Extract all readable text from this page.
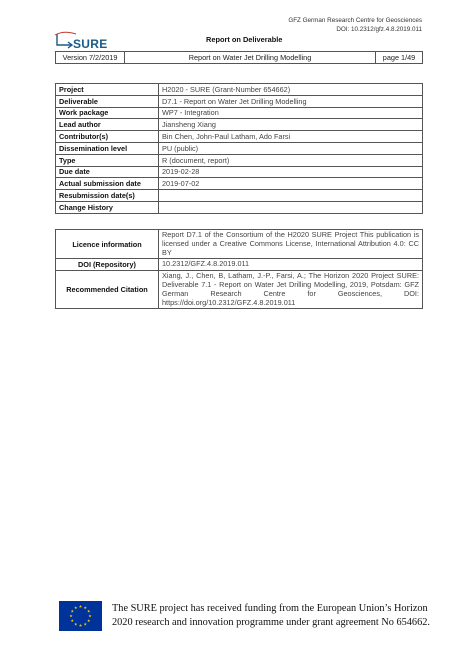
GFZ German Research Centre for Geosciences
DOI: 10.2312/gfz.4.8.2019.011
SURE	Report on Deliverable
Version 7/2/2019	Report on Water Jet Drilling Modelling	page 1/49
Project	H2020 - SURE (Grant-Number 654662)
Deliverable	D7.1 - Report on Water Jet Drilling Modelling
Work package	WP7 - Integration
Lead author	Jiansheng Xiang
Contributor(s)	Bin Chen, John-Paul Latham, Ado Farsi
Dissemination level	PU (public)
Type	R (document, report)
Due date	2019-02-28
Actual submission date	2019-07-02
Resubmission date(s)	
Change History	
Licence information	Report D7.1 of the Consortium of the H2020 SURE Project This publication is licensed under a Creative Commons License, International Attribution 4.0: CC BY
DOI (Repository)	10.2312/GFZ.4.8.2019.011
Recommended Citation	Xiang, J., Chen, B, Latham, J.-P., Farsi, A.; The Horizon 2020 Project SURE: Deliverable 7.1 - Report on Water Jet Drilling Modelling, 2019, Potsdam: GFZ German Research Centre for Geosciences, DOI: https://doi.org/10.2312/GFZ.4.8.2019.011
The SURE project has received funding from the European Union’s Horizon 2020 research and innovation programme under grant agreement No 654662.
